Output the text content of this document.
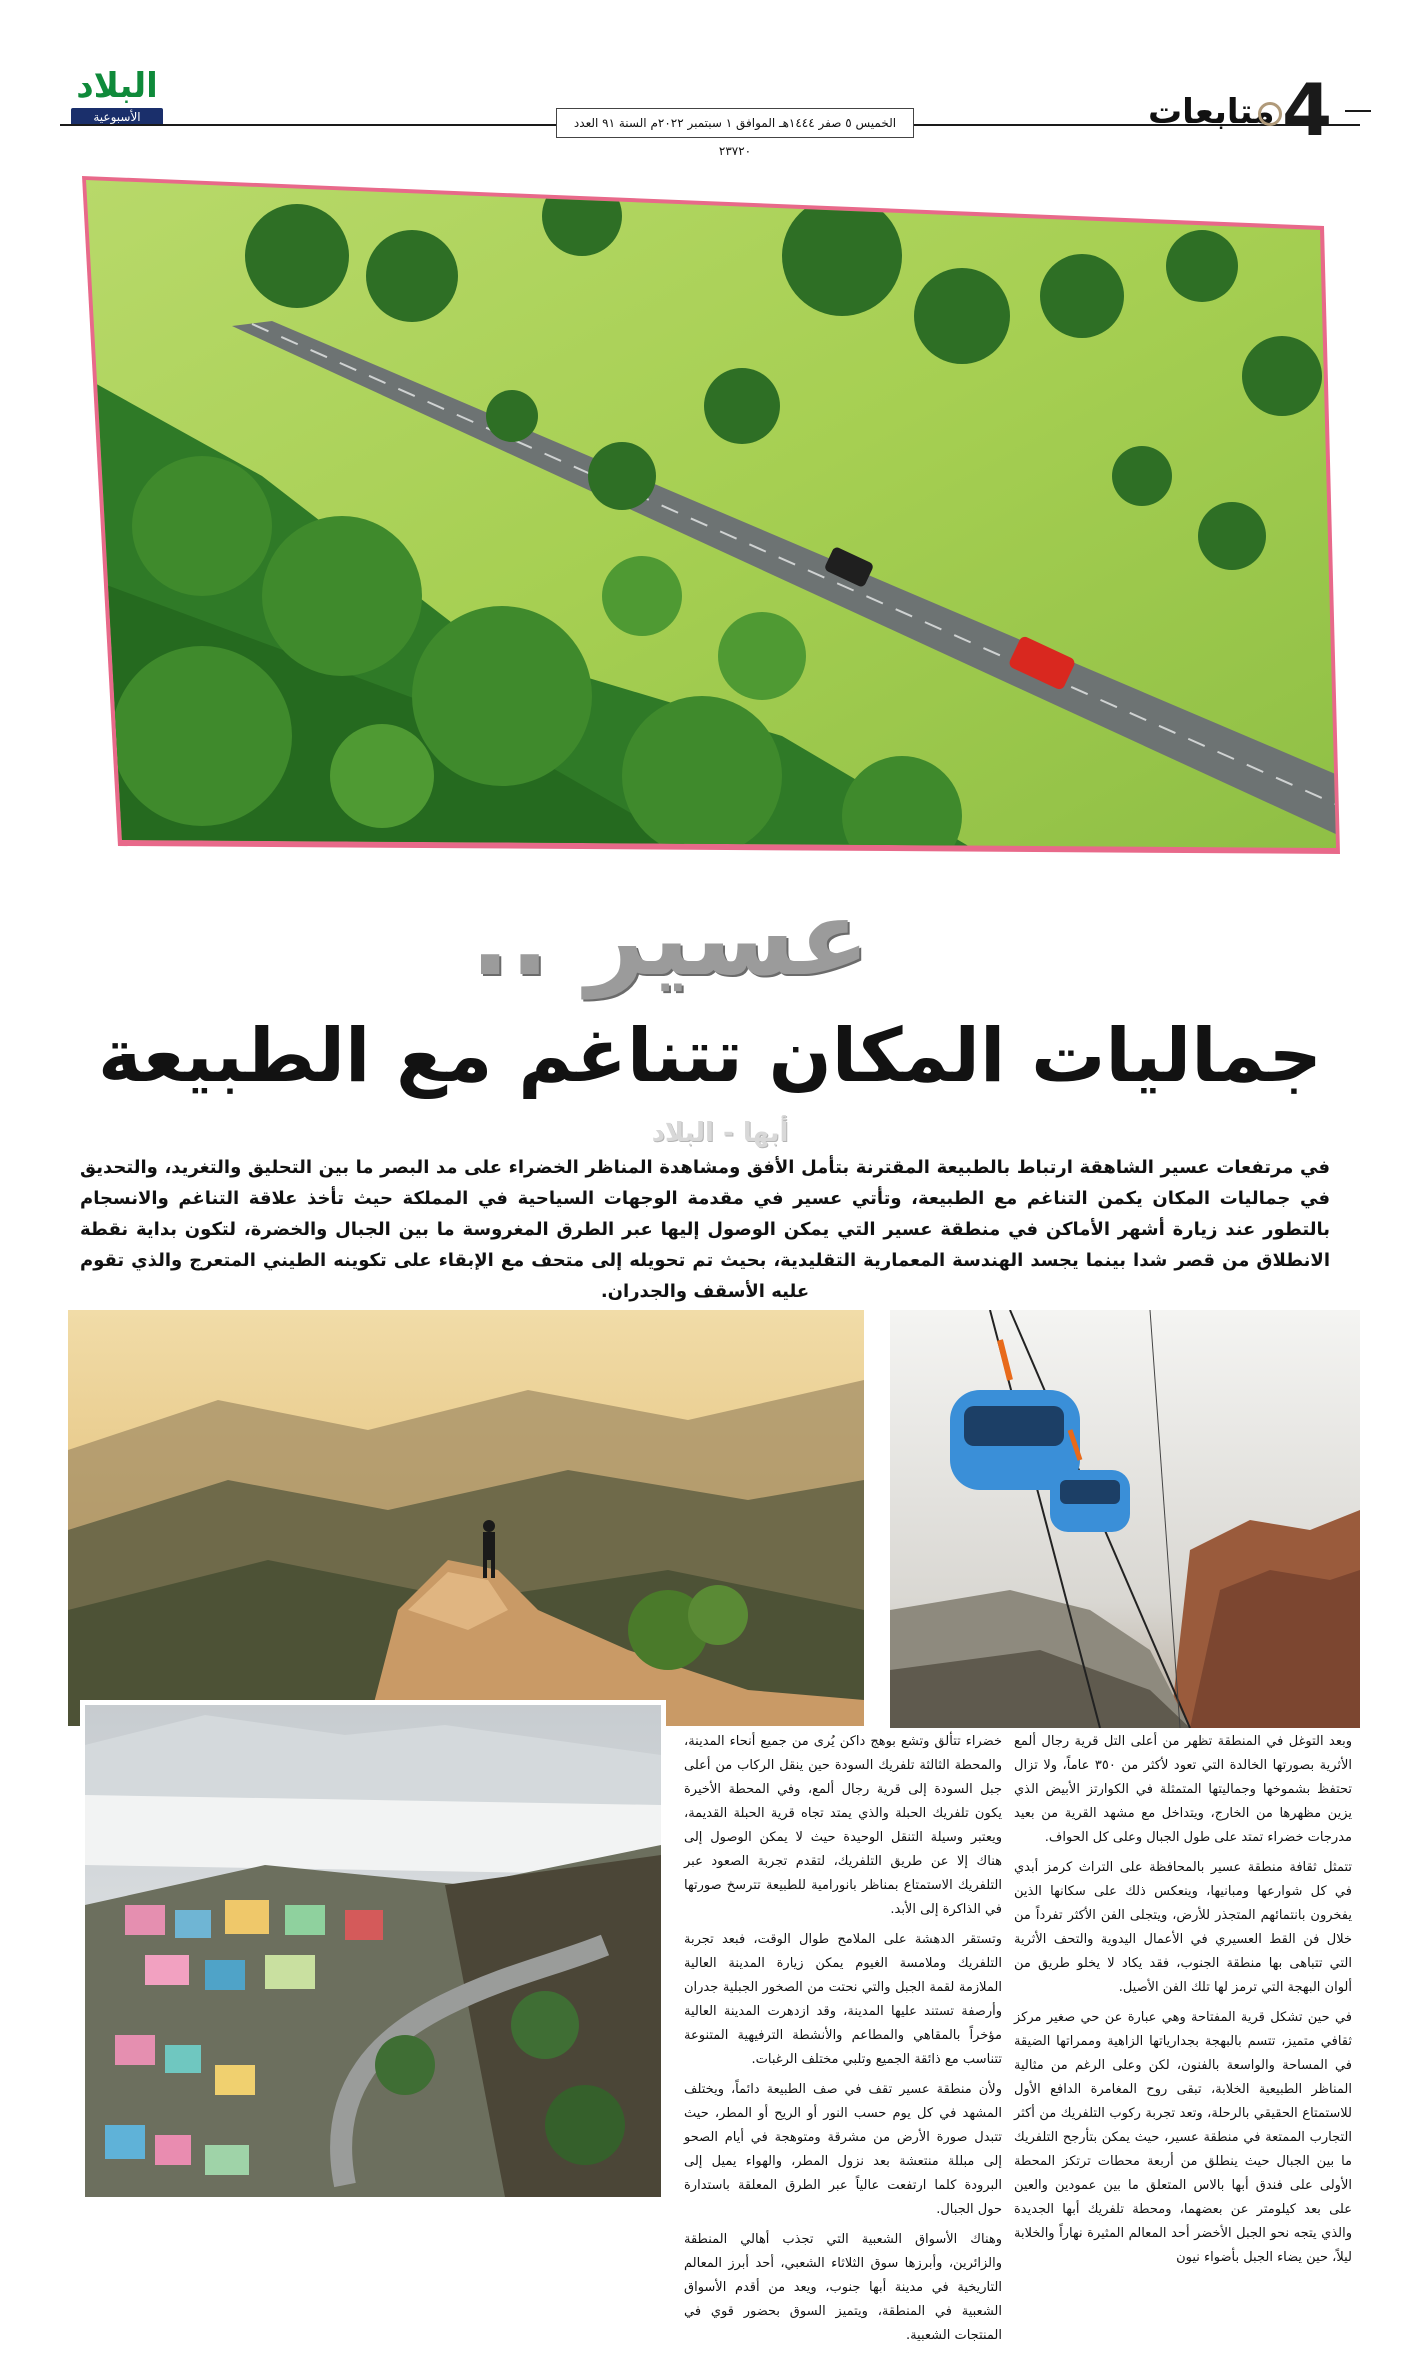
البلاد
الأسبوعية	الخميس ٥ صفر ١٤٤٤هـ الموافق ١ سبتمبر ٢٠٢٢م السنة ٩١ العدد ٢٣٧٢٠
متابعات 4
عسير ..
جماليات المكان تتناغم مع الطبيعة
أبها - البلاد
في مرتفعات عسير الشاهقة ارتباط بالطبيعة المقترنة بتأمل الأفق ومشاهدة المناظر الخضراء على مد البصر ما بين التحليق والتغريد، والتحديق في جماليات المكان يكمن التناغم مع الطبيعة، وتأتي عسير في مقدمة الوجهات السياحية في المملكة حيث تأخذ علاقة التناغم والانسجام بالتطور عند زيارة أشهر الأماكن في منطقة عسير التي يمكن الوصول إليها عبر الطرق المغروسة ما بين الجبال والخضرة، لتكون بداية نقطة الانطلاق من قصر شدا بينما يجسد الهندسة المعمارية التقليدية، بحيث تم تحويله إلى متحف مع الإبقاء على تكوينه الطيني المتعرج والذي تقوم عليه الأسقف والجدران.

وبعد التوغل في المنطقة تظهر من أعلى التل قرية رجال ألمع الأثرية بصورتها الخالدة التي تعود لأكثر من ٣٥٠ عاماً، ولا تزال تحتفظ بشموخها وجماليتها المتمثلة في الكوارتز الأبيض الذي يزين مظهرها من الخارج، ويتداخل مع مشهد القرية من بعيد مدرجات خضراء تمتد على طول الجبال وعلى كل الحواف.

تتمثل ثقافة منطقة عسير بالمحافظة على التراث كرمز أبدي في كل شوارعها ومبانيها، وينعكس ذلك على سكانها الذين يفخرون بانتمائهم المتجذر للأرض، ويتجلى الفن الأكثر تفرداً من خلال فن القط العسيري في الأعمال اليدوية والتحف الأثرية التي تتباهى بها منطقة الجنوب، فقد يكاد لا يخلو طريق من ألوان البهجة التي ترمز لها تلك الفن الأصيل.

في حين تشكل قرية المفتاحة وهي عبارة عن حي صغير مركز ثقافي متميز، تتسم بالبهجة بجدارياتها الزاهية وممراتها الضيقة في المساحة والواسعة بالفنون، لكن وعلى الرغم من مثالية المناظر الطبيعية الخلابة، تبقى روح المغامرة الدافع الأول للاستمتاع الحقيقي بالرحلة، وتعد تجربة ركوب التلفريك من أكثر التجارب الممتعة في منطقة عسير، حيث يمكن بتأرجح التلفريك ما بين الجبال حيث ينطلق من أربعة محطات ترتكز المحطة الأولى على فندق أبها بالاس المتعلق ما بين عمودين والعين على بعد كيلومتر عن بعضهما، ومحطة تلفريك أبها الجديدة والذي يتجه نحو الجبل الأخضر أحد المعالم المثيرة نهاراً والخلابة ليلاً، حين يضاء الجبل بأضواء نيون

خضراء تتألق وتشع بوهج داكن يُرى من جميع أنحاء المدينة، والمحطة الثالثة تلفريك السودة حين ينقل الركاب من أعلى جبل السودة إلى قرية رجال ألمع، وفي المحطة الأخيرة يكون تلفريك الحبلة والذي يمتد تجاه قرية الحبلة القديمة، ويعتبر وسيلة التنقل الوحيدة حيث لا يمكن الوصول إلى هناك إلا عن طريق التلفريك، لتقدم تجربة الصعود عبر التلفريك الاستمتاع بمناظر بانورامية للطبيعة تترسخ صورتها في الذاكرة إلى الأبد.

وتستقر الدهشة على الملامح طوال الوقت، فبعد تجربة التلفريك وملامسة الغيوم يمكن زيارة المدينة العالية الملازمة لقمة الجبل والتي نحتت من الصخور الجبلية جدران وأرصفة تستند عليها المدينة، وقد ازدهرت المدينة العالية مؤخراً بالمقاهي والمطاعم والأنشطة الترفيهية المتنوعة تتناسب مع ذائقة الجميع وتلبي مختلف الرغبات.

ولأن منطقة عسير تقف في صف الطبيعة دائماً، ويختلف المشهد في كل يوم حسب النور أو الريح أو المطر، حيث تتبدل صورة الأرض من مشرقة ومتوهجة في أيام الصحو إلى مبللة منتعشة بعد نزول المطر، والهواء يميل إلى البرودة كلما ارتفعت عالياً عبر الطرق المعلقة باستدارة حول الجبال.

وهناك الأسواق الشعبية التي تجذب أهالي المنطقة والزائرين، وأبرزها سوق الثلاثاء الشعبي، أحد أبرز المعالم التاريخية في مدينة أبها جنوب، ويعد من أقدم الأسواق الشعبية في المنطقة، ويتميز السوق بحضور قوي في المنتجات الشعبية.
